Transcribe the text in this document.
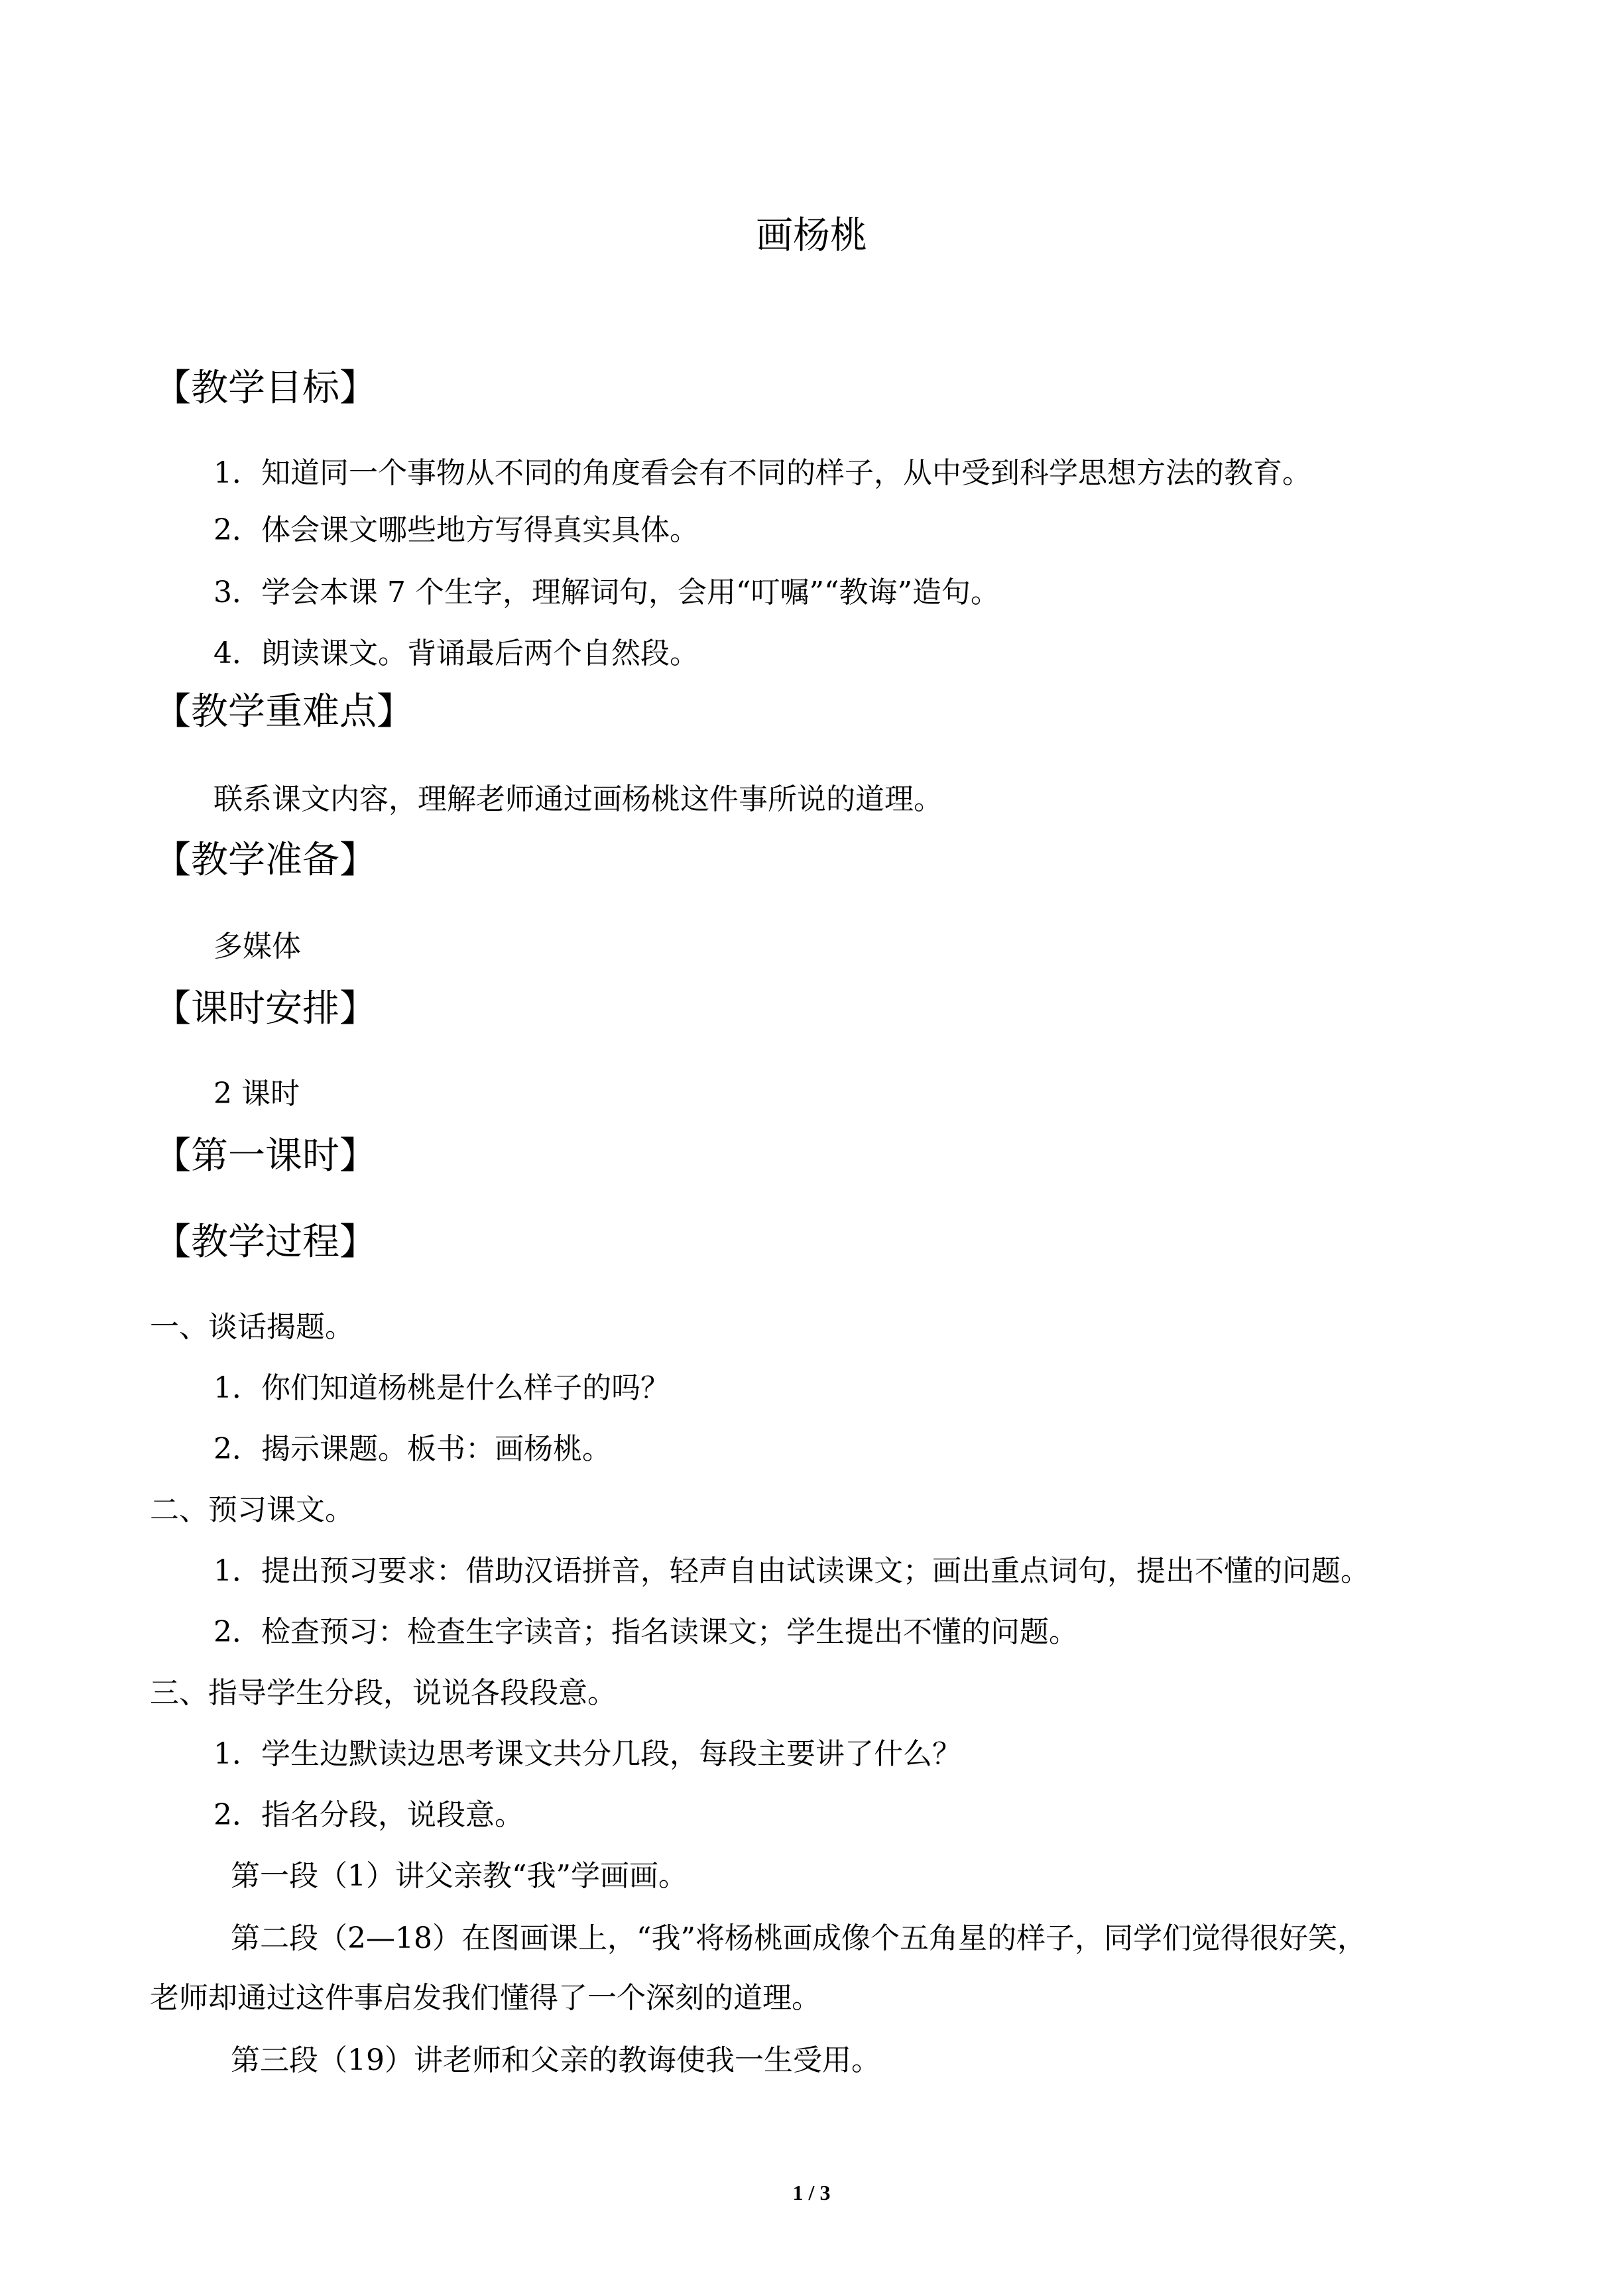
画杨桃
【教学目标】
1．知道同一个事物从不同的角度看会有不同的样子，从中受到科学思想方法的教育。
2．体会课文哪些地方写得真实具体。
3．学会本课 7 个生字，理解词句，会用“叮嘱”“教诲”造句。
4．朗读课文。背诵最后两个自然段。
【教学重难点】
联系课文内容，理解老师通过画杨桃这件事所说的道理。
【教学准备】
多媒体
【课时安排】
2 课时
【第一课时】
【教学过程】
一、谈话揭题。
1．你们知道杨桃是什么样子的吗？
2．揭示课题。板书：画杨桃。
二、预习课文。
1．提出预习要求：借助汉语拼音，轻声自由试读课文；画出重点词句，提出不懂的问题。
2．检查预习：检查生字读音；指名读课文；学生提出不懂的问题。
三、指导学生分段，说说各段段意。
1．学生边默读边思考课文共分几段，每段主要讲了什么？
2．指名分段，说段意。
第一段（1）讲父亲教“我”学画画。
第二段（2—18）在图画课上，“我”将杨桃画成像个五角星的样子，同学们觉得很好笑，
老师却通过这件事启发我们懂得了一个深刻的道理。
第三段（19）讲老师和父亲的教诲使我一生受用。
1 / 3
